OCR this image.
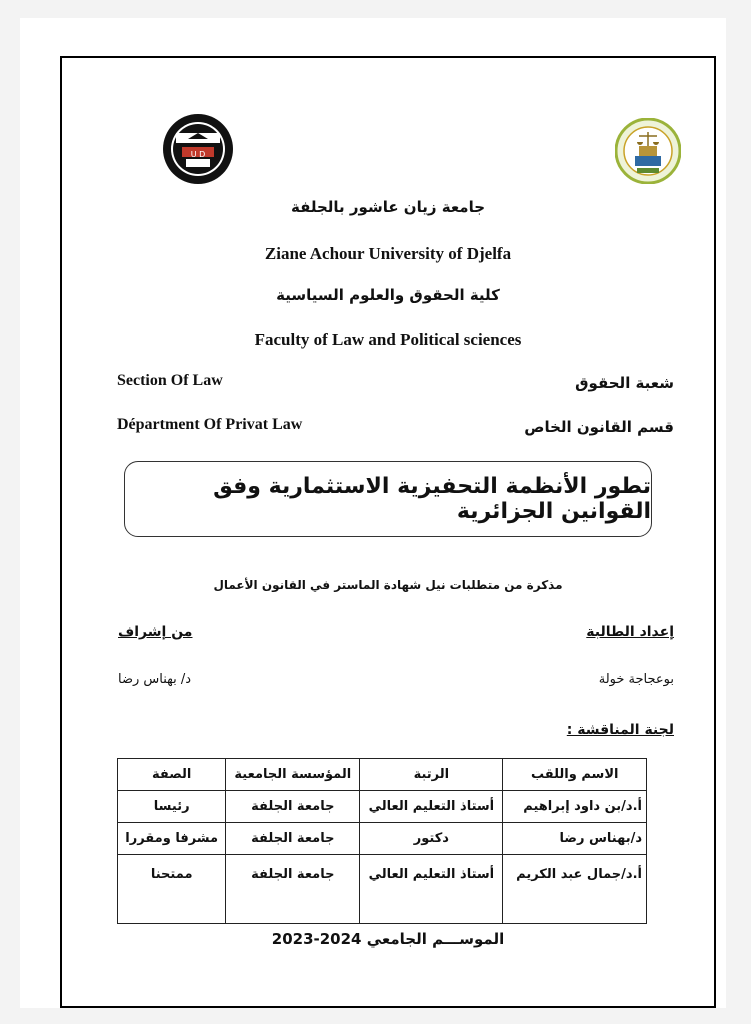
U D
جامعة زيان عاشور بالجلفة
Ziane Achour University of Djelfa
كلية الحقوق والعلوم السياسية
Faculty of Law and Political sciences
Section Of Law	شعبة الحقوق
Départment Of Privat Law	قسم القانون الخاص
تطور الأنظمة التحفيزية الاستثمارية وفق القوانين الجزائرية
مذكرة من متطلبات نيل شهادة الماستر في القانون الأعمال
إعداد الطالبة
من إشراف
بوعجاجة خولة
د/ بهناس رضا
لجنة المناقشة :
الاسم واللقب	الرتبة	المؤسسة الجامعية	الصفة
أ.د/بن داود إبراهيم	أستاذ التعليم العالي	جامعة الجلفة	رئيسا
د/بهناس رضا	دكتور	جامعة الجلفة	مشرفا ومقررا
أ.د/جمال عبد الكريم	أستاذ التعليم العالي	جامعة الجلفة	ممتحنا
الموســـم الجامعي 2024-2023
